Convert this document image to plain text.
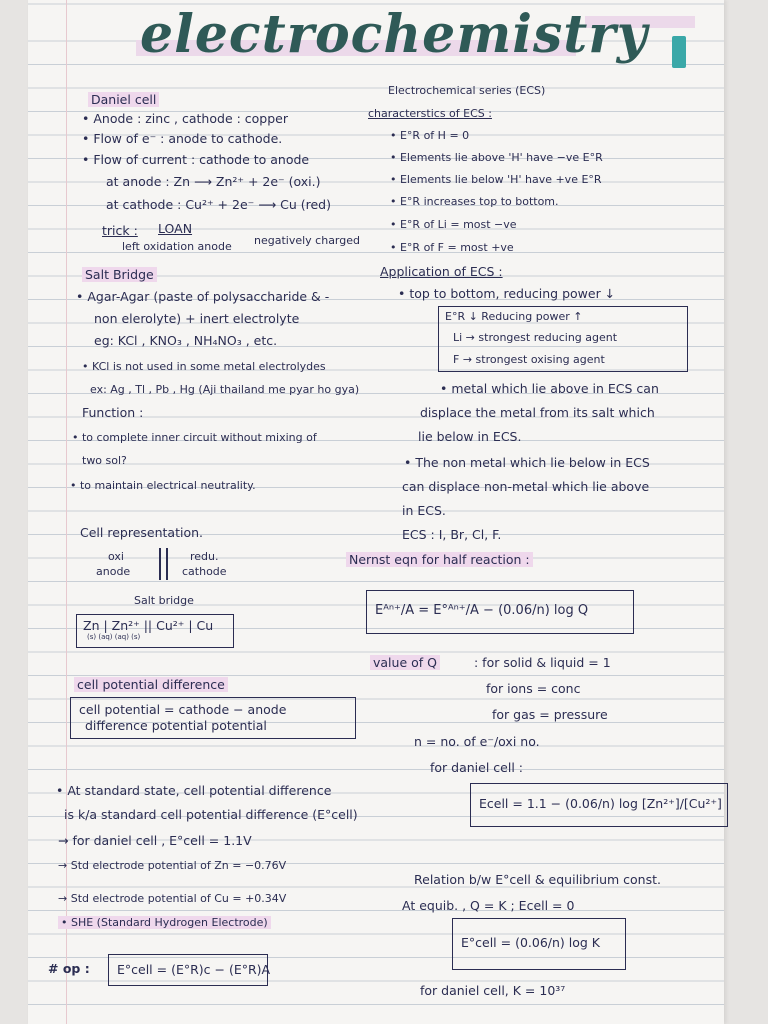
electrochemistry
Daniel cell
• Anode : zinc , cathode : copper
• Flow of e⁻ : anode to cathode.
• Flow of current : cathode to anode
at anode : Zn ⟶ Zn²⁺ + 2e⁻ (oxi.)
at cathode : Cu²⁺ + 2e⁻ ⟶ Cu (red)
trick : LOAN
left oxidation anode negatively charged
Salt Bridge
• Agar-Agar (paste of polysaccharide & -
non elerolyte) + inert electrolyte
eg: KCl , KNO₃ , NH₄NO₃ , etc.
• KCl is not used in some metal electrolydes
ex: Ag , Tl , Pb , Hg (Aji thailand me pyar ho gya)
Function :
• to complete inner circuit without mixing of
two sol?
• to maintain electrical neutrality.
Cell representation.
oxi
anode
redu.
cathode
Salt bridge
Zn | Zn²⁺ || Cu²⁺ | Cu
(s) (aq) (aq) (s)
cell potential difference
cell potential = cathode − anode
difference potential potential
• At standard state, cell potential difference
is k/a standard cell potential difference (E°cell)
→ for daniel cell , E°cell = 1.1V
→ Std electrode potential of Zn = −0.76V
→ Std electrode potential of Cu = +0.34V
• SHE (Standard Hydrogen Electrode)
# op : E°cell = (E°R)c − (E°R)A
Electrochemical series (ECS)
characterstics of ECS :
• E°R of H = 0
• Elements lie above 'H' have −ve E°R
• Elements lie below 'H' have +ve E°R
• E°R increases top to bottom.
• E°R of Li = most −ve
• E°R of F = most +ve
Application of ECS :
• top to bottom, reducing power ↓
E°R ↓ Reducing power ↑
Li → strongest reducing agent
F → strongest oxising agent
• metal which lie above in ECS can
displace the metal from its salt which
lie below in ECS.
• The non metal which lie below in ECS
can displace non-metal which lie above
in ECS.
ECS : I, Br, Cl, F.
Nernst eqn for half reaction :
Eᴬⁿ⁺/A = E°ᴬⁿ⁺/A − (0.06/n) log Q
value of Q	: for solid & liquid = 1
for ions = conc
for gas = pressure
n = no. of e⁻/oxi no.
for daniel cell :
Ecell = 1.1 − (0.06/n) log [Zn²⁺]/[Cu²⁺]
Relation b/w E°cell & equilibrium const.
At equib. , Q = K ; Ecell = 0
E°cell = (0.06/n) log K
for daniel cell, K = 10³⁷
